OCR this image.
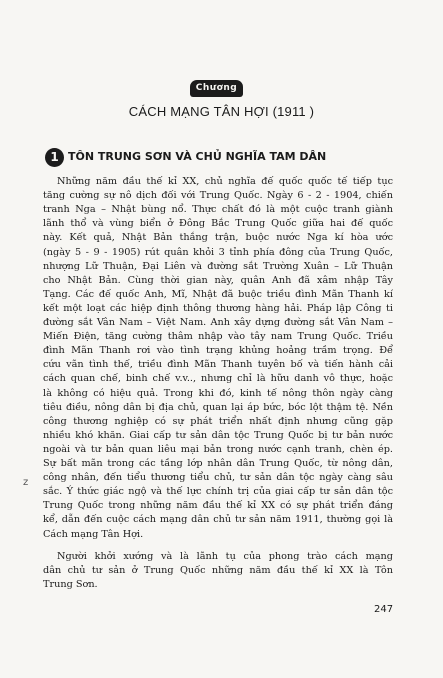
Chương
CÁCH MẠNG TÂN HỢI (1911 )
1 TÔN TRUNG SƠN VÀ CHỦ NGHĨA TAM DÂN
Những năm đầu thế kỉ XX, chủ nghĩa đế quốc quốc tế tiếp tục
tăng cường sự nô dịch đối với Trung Quốc. Ngày 6 - 2 - 1904, chiến
tranh Nga – Nhật bùng nổ. Thực chất đó là một cuộc tranh giành
lãnh thổ và vùng biển ở Đông Bắc Trung Quốc giữa hai đế quốc
này. Kết quả, Nhật Bản thắng trận, buộc nước Nga kí hòa ước
(ngày 5 - 9 - 1905) rút quân khỏi 3 tỉnh phía đông của Trung Quốc,
nhượng Lữ Thuận, Đại Liên và đường sắt Trường Xuân – Lữ Thuận
cho Nhật Bản. Cùng thời gian này, quân Anh đã xâm nhập Tây
Tạng. Các đế quốc Anh, Mĩ, Nhật đã buộc triều đình Mãn Thanh kí
kết một loạt các hiệp định thông thương hàng hải. Pháp lập Công ti
đường sắt Vân Nam – Việt Nam. Anh xây dựng đường sắt Vân Nam –
Miến Điện, tăng cường thâm nhập vào tây nam Trung Quốc. Triều
đình Mãn Thanh rơi vào tình trạng khủng hoảng trầm trọng. Để
cứu vãn tình thế, triều đình Mãn Thanh tuyên bố và tiến hành cải
cách quan chế, binh chế v.v.., nhưng chỉ là hữu danh vô thực, hoặc
là không có hiệu quả. Trong khi đó, kinh tế nông thôn ngày càng
tiêu điều, nông dân bị địa chủ, quan lại áp bức, bóc lột thậm tệ. Nền
công thương nghiệp có sự phát triển nhất định nhưng cũng gặp
nhiều khó khăn. Giai cấp tư sản dân tộc Trung Quốc bị tư bản nước
ngoài và tư bản quan liêu mại bản trong nước cạnh tranh, chèn ép.
Sự bất mãn trong các tầng lớp nhân dân Trung Quốc, từ nông dân,
công nhân, đến tiểu thương tiểu chủ, tư sản dân tộc ngày càng sâu
sắc. Ý thức giác ngộ và thế lực chính trị của giai cấp tư sản dân tộc
Trung Quốc trong những năm đầu thế kỉ XX có sự phát triển đáng
kể, dẫn đến cuộc cách mạng dân chủ tư sản năm 1911, thường gọi là
Cách mạng Tân Hợi.
Người khởi xướng và là lãnh tụ của phong trào cách mạng
dân chủ tư sản ở Trung Quốc những năm đầu thế kỉ XX là Tôn
Trung Sơn.
z
247
